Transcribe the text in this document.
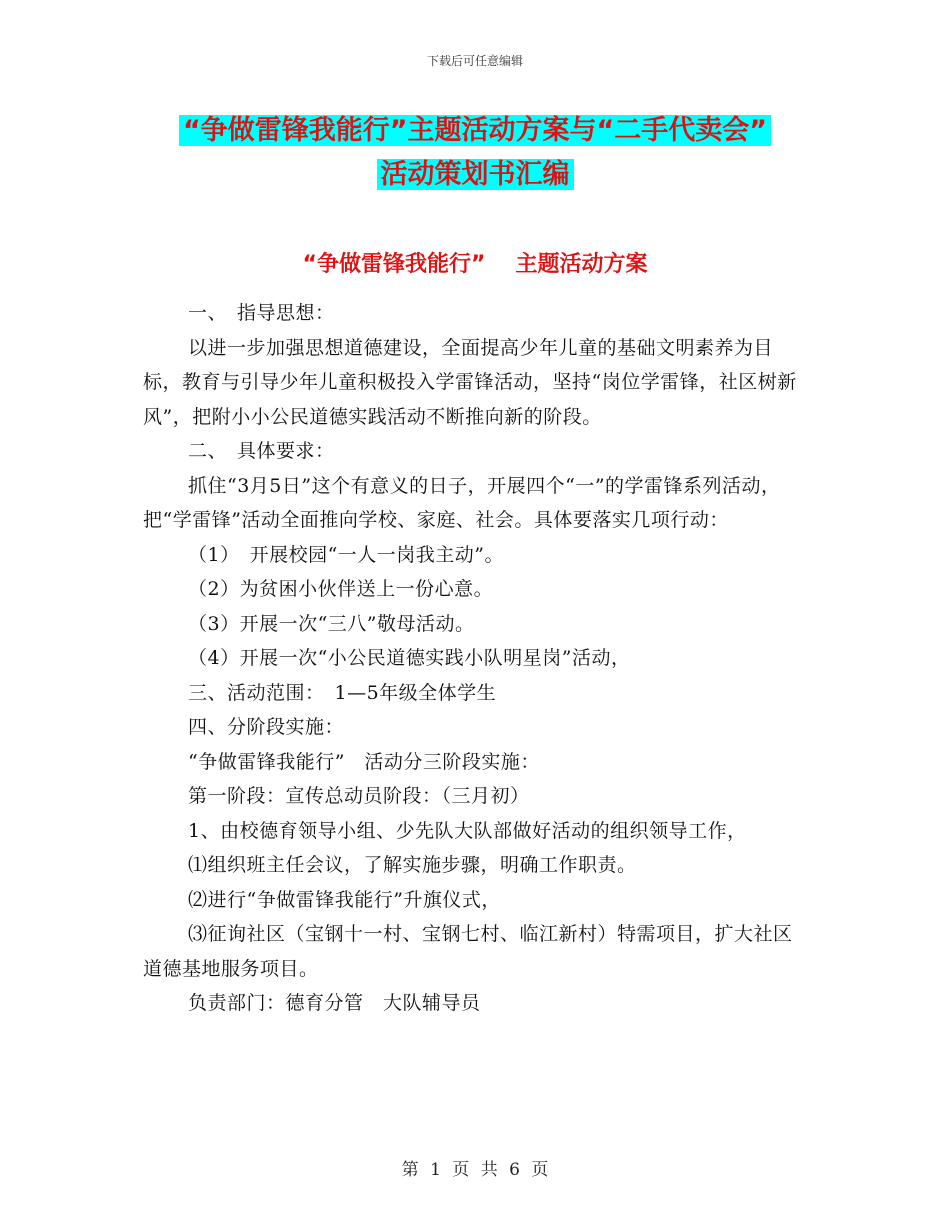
下载后可任意编辑
“争做雷锋我能行”主题活动方案与“二手代卖会”
活动策划书汇编
“争做雷锋我能行” 主题活动方案

一、　指导思想：

以进一步加强思想道德建设，全面提高少年儿童的基础文明素养为目标，教育与引导少年儿童积极投入学雷锋活动，坚持“岗位学雷锋，社区树新风”，把附小小公民道德实践活动不断推向新的阶段。

二、　具体要求：

抓住“3月5日”这个有意义的日子，开展四个“一”的学雷锋系列活动，把“学雷锋”活动全面推向学校、家庭、社会。具体要落实几项行动：

（1）　开展校园“一人一岗我主动”。

（2）为贫困小伙伴送上一份心意。

（3）开展一次“三八”敬母活动。

（4）开展一次“小公民道德实践小队明星岗”活动，

三、活动范围：　1—5年级全体学生

四、分阶段实施：

“争做雷锋我能行”　活动分三阶段实施：

第一阶段：宣传总动员阶段：（三月初）

1、由校德育领导小组、少先队大队部做好活动的组织领导工作，

⑴组织班主任会议，了解实施步骤，明确工作职责。

⑵进行“争做雷锋我能行”升旗仪式，

⑶征询社区（宝钢十一村、宝钢七村、临江新村）特需项目，扩大社区道德基地服务项目。

负责部门：德育分管　大队辅导员

第 1 页 共 6 页
